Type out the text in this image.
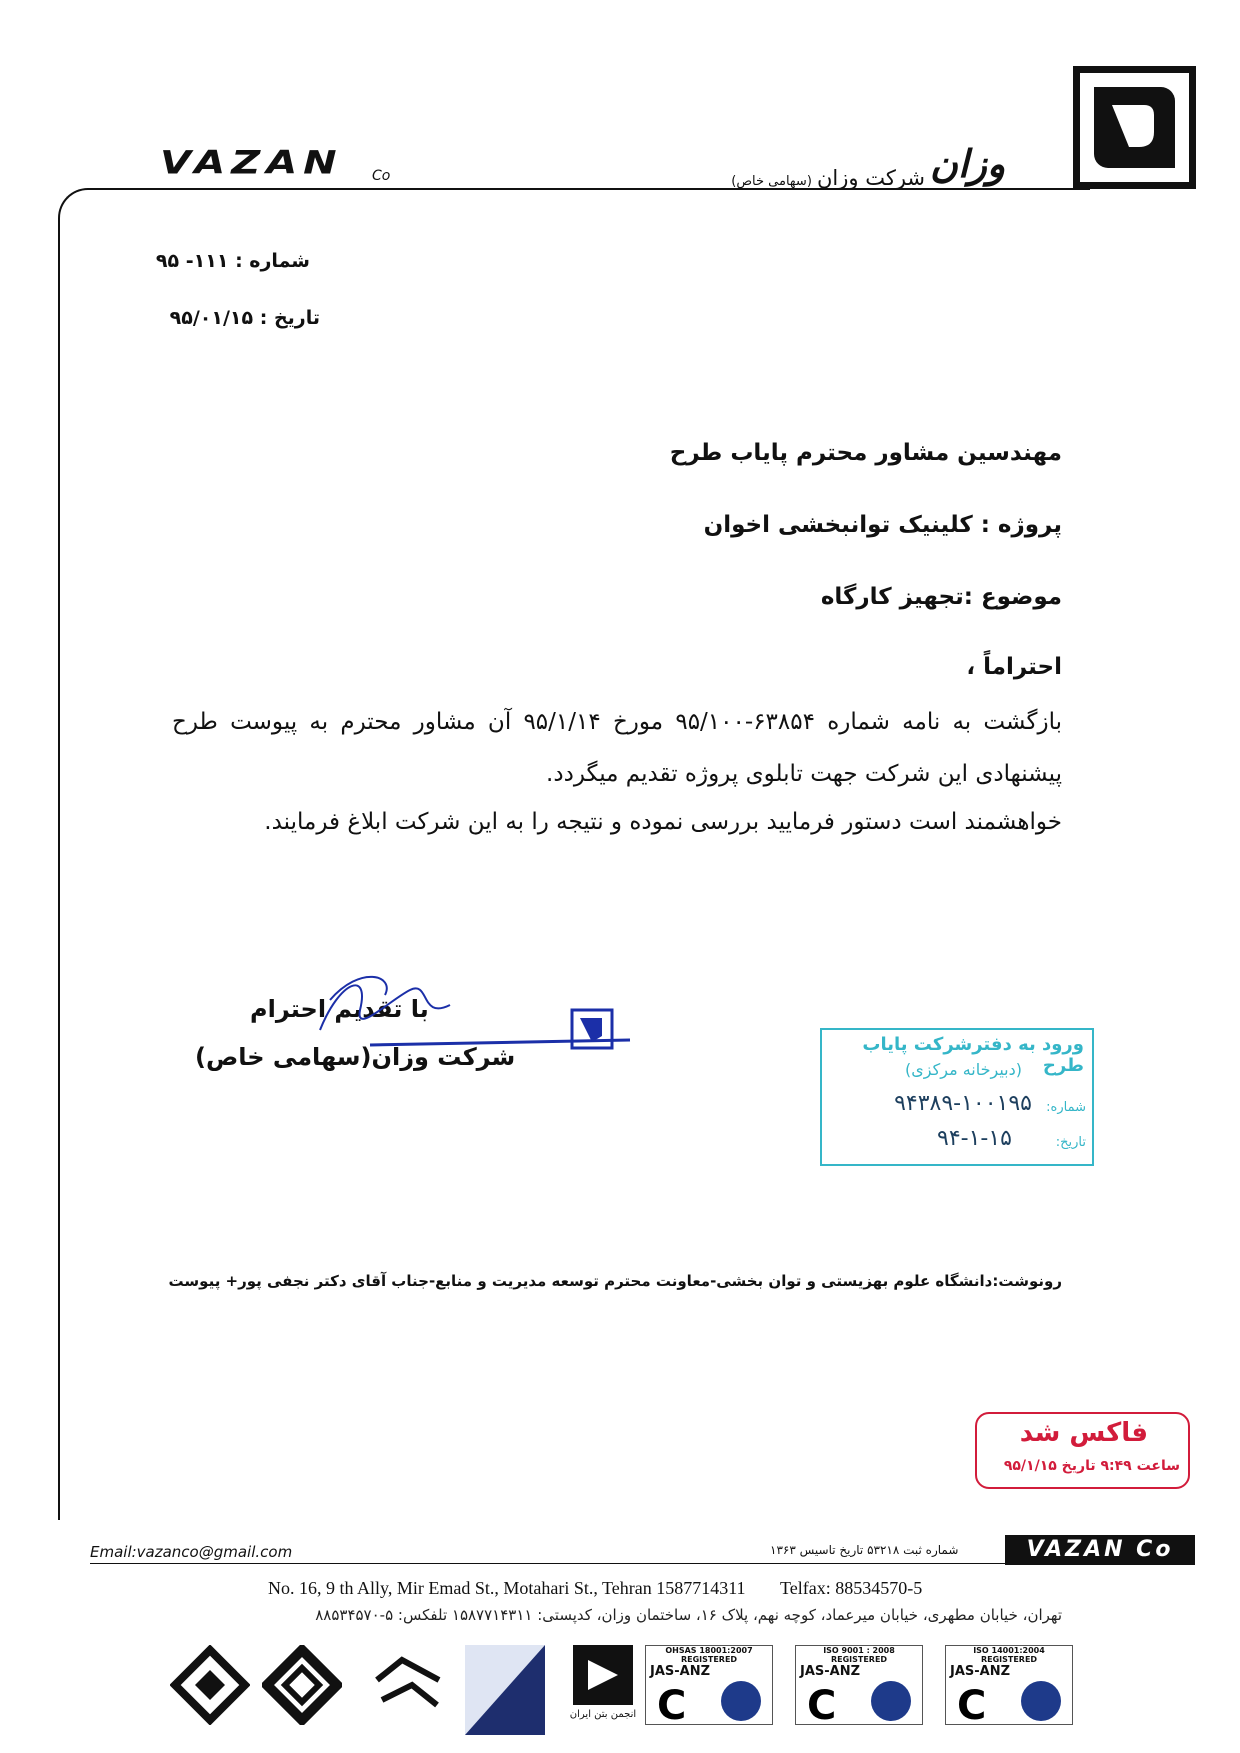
VAZAN Co	وزان
شرکت وزان (سهامی خاص)
شماره : ۱۱۱- ۹۵
تاریخ : ۹۵/۰۱/۱۵
مهندسین مشاور محترم پایاب طرح
پروژه : کلینیک توانبخشی اخوان
موضوع :تجهیز کارگاه
احتراماً ،
بازگشت به نامه شماره ۶۳۸۵۴-۹۵/۱۰۰ مورخ ۹۵/۱/۱۴ آن مشاور محترم به پیوست طرح پیشنهادی این شرکت جهت تابلوی پروژه تقدیم میگردد.
خواهشمند است دستور فرمایید بررسی نموده و نتیجه را به این شرکت ابلاغ فرمایند.
با تقدیم احترام
شرکت وزان(سهامی خاص)	ورود به دفترشرکت پایاب طرح
(دبیرخانه مرکزی)
شماره:
۹۴۳۸۹-۱۰۰۱۹۵
تاریخ:
۹۴-۱-۱۵
رونوشت:دانشگاه علوم بهزیستی و توان بخشی-معاونت محترم توسعه مدیریت و منابع-جناب آقای دکتر نجفی پور+ پیوست
فاکس شد
ساعت ۹:۴۹ تاریخ ۹۵/۱/۱۵
Email:vazanco@gmail.com	شماره ثبت ۵۳۲۱۸ تاریخ تاسیس ۱۳۶۳	VAZAN Co
No. 16, 9 th Ally, Mir Emad St., Motahari St., Tehran 1587714311 Telfax: 88534570-5
تهران، خیابان مطهری، خیابان میرعماد، کوچه نهم، پلاک ۱۶، ساختمان وزان، کدپستی: ۱۵۸۷۷۱۴۳۱۱ تلفکس: ۵-۸۸۵۳۴۵۷۰
انجمن بتن ایران
OHSAS 18001:2007 REGISTERED
JAS-ANZ
C
ISO 9001 : 2008 REGISTERED
JAS-ANZ
C
ISO 14001:2004 REGISTERED
JAS-ANZ
C
